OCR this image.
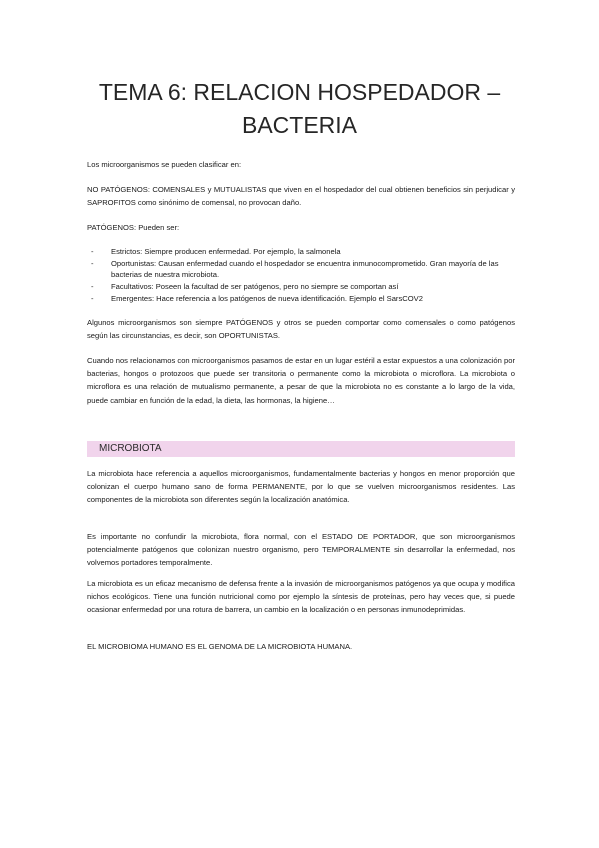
TEMA 6: RELACION HOSPEDADOR – BACTERIA

Los microorganismos se pueden clasificar en:

NO PATÓGENOS: COMENSALES y MUTUALISTAS que viven en el hospedador del cual obtienen beneficios sin perjudicar y SAPROFITOS como sinónimo de comensal, no provocan daño.

PATÓGENOS: Pueden ser:

- Estrictos: Siempre producen enfermedad. Por ejemplo, la salmonela
- Oportunistas: Causan enfermedad cuando el hospedador se encuentra inmunocomprometido. Gran mayoría de las bacterias de nuestra microbiota.
- Facultativos: Poseen la facultad de ser patógenos, pero no siempre se comportan así
- Emergentes: Hace referencia a los patógenos de nueva identificación. Ejemplo el SarsCOV2

Algunos microorganismos son siempre PATÓGENOS y otros se pueden comportar como comensales o como patógenos según las circunstancias, es decir, son OPORTUNISTAS.

Cuando nos relacionamos con microorganismos pasamos de estar en un lugar estéril a estar expuestos a una colonización por bacterias, hongos o protozoos que puede ser transitoria o permanente como la microbiota o microflora. La microbiota o microflora es una relación de mutualismo permanente, a pesar de que la microbiota no es constante a lo largo de la vida, puede cambiar en función de la edad, la dieta, las hormonas, la higiene…

MICROBIOTA

La microbiota hace referencia a aquellos microorganismos, fundamentalmente bacterias y hongos en menor proporción que colonizan el cuerpo humano sano de forma PERMANENTE, por lo que se vuelven microorganismos residentes. Las componentes de la microbiota son diferentes según la localización anatómica.

Es importante no confundir la microbiota, flora normal, con el ESTADO DE PORTADOR, que son microorganismos potencialmente patógenos que colonizan nuestro organismo, pero TEMPORALMENTE sin desarrollar la enfermedad, nos volvemos portadores temporalmente.

La microbiota es un eficaz mecanismo de defensa frente a la invasión de microorganismos patógenos ya que ocupa y modifica nichos ecológicos. Tiene una función nutricional como por ejemplo la síntesis de proteínas, pero hay veces que, si puede ocasionar enfermedad por una rotura de barrera, un cambio en la localización o en personas inmunodeprimidas.

EL MICROBIOMA HUMANO ES EL GENOMA DE LA MICROBIOTA HUMANA.
